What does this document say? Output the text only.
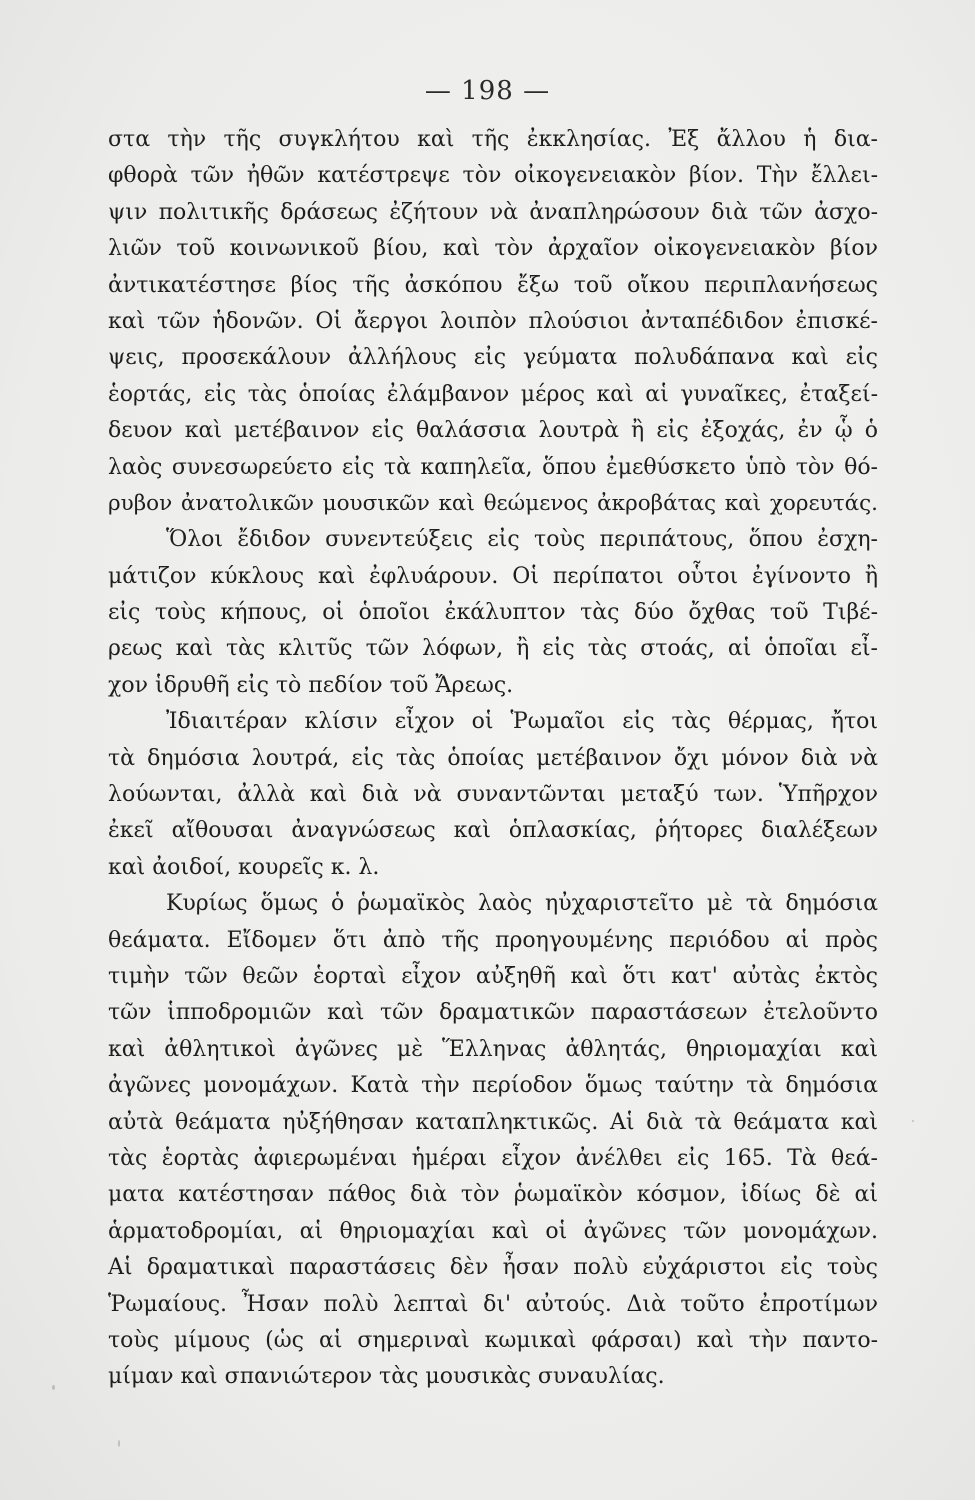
— 198 —
στα τὴν τῆς συγκλήτου καὶ τῆς ἐκκλησίας. Ἐξ ἄλλου ἡ δια-
φθορὰ τῶν ἠθῶν κατέστρεψε τὸν οἰκογενειακὸν βίον. Τὴν ἔλλει-
ψιν πολιτικῆς δράσεως ἐζήτουν νὰ ἀναπληρώσουν διὰ τῶν ἀσχο-
λιῶν τοῦ κοινωνικοῦ βίου, καὶ τὸν ἀρχαῖον οἰκογενειακὸν βίον
ἀντικατέστησε βίος τῆς ἀσκόπου ἔξω τοῦ οἴκου περιπλανήσεως
καὶ τῶν ἡδονῶν. Οἱ ἄεργοι λοιπὸν πλούσιοι ἀνταπέδιδον ἐπισκέ-
ψεις, προσεκάλουν ἀλλήλους εἰς γεύματα πολυδάπανα καὶ εἰς
ἑορτάς, εἰς τὰς ὁποίας ἐλάμβανον μέρος καὶ αἱ γυναῖκες, ἐταξεί-
δευον καὶ μετέβαινον εἰς θαλάσσια λουτρὰ ἢ εἰς ἐξοχάς, ἐν ᾧ ὁ
λαὸς συνεσωρεύετο εἰς τὰ καπηλεῖα, ὅπου ἐμεθύσκετο ὑπὸ τὸν θό-
ρυβον ἀνατολικῶν μουσικῶν καὶ θεώμενος ἀκροβάτας καὶ χορευτάς.
Ὅλοι ἔδιδον συνεντεύξεις εἰς τοὺς περιπάτους, ὅπου ἐσχη-
μάτιζον κύκλους καὶ ἐφλυάρουν. Οἱ περίπατοι οὗτοι ἐγίνοντο ἢ
εἰς τοὺς κήπους, οἱ ὁποῖοι ἐκάλυπτον τὰς δύο ὄχθας τοῦ Τιβέ-
ρεως καὶ τὰς κλιτῦς τῶν λόφων, ἢ εἰς τὰς στοάς, αἱ ὁποῖαι εἶ-
χον ἱδρυθῆ εἰς τὸ πεδίον τοῦ Ἄρεως.
Ἰδιαιτέραν κλίσιν εἶχον οἱ Ῥωμαῖοι εἰς τὰς θέρμας, ἤτοι
τὰ δημόσια λουτρά, εἰς τὰς ὁποίας μετέβαινον ὄχι μόνον διὰ νὰ
λούωνται, ἀλλὰ καὶ διὰ νὰ συναντῶνται μεταξύ των. Ὑπῆρχον
ἐκεῖ αἴθουσαι ἀναγνώσεως καὶ ὁπλασκίας, ῥήτορες διαλέξεων
καὶ ἀοιδοί, κουρεῖς κ. λ.
Κυρίως ὅμως ὁ ῥωμαϊκὸς λαὸς ηὐχαριστεῖτο μὲ τὰ δημόσια
θεάματα. Εἴδομεν ὅτι ἀπὸ τῆς προηγουμένης περιόδου αἱ πρὸς
τιμὴν τῶν θεῶν ἑορταὶ εἶχον αὐξηθῆ καὶ ὅτι κατ' αὐτὰς ἐκτὸς
τῶν ἱπποδρομιῶν καὶ τῶν δραματικῶν παραστάσεων ἐτελοῦντο
καὶ ἀθλητικοὶ ἀγῶνες μὲ Ἕλληνας ἀθλητάς, θηριομαχίαι καὶ
ἀγῶνες μονομάχων. Κατὰ τὴν περίοδον ὅμως ταύτην τὰ δημόσια
αὐτὰ θεάματα ηὐξήθησαν καταπληκτικῶς. Αἱ διὰ τὰ θεάματα καὶ
τὰς ἑορτὰς ἀφιερωμέναι ἡμέραι εἶχον ἀνέλθει εἰς 165. Τὰ θεά-
ματα κατέστησαν πάθος διὰ τὸν ῥωμαϊκὸν κόσμον, ἰδίως δὲ αἱ
ἁρματοδρομίαι, αἱ θηριομαχίαι καὶ οἱ ἀγῶνες τῶν μονομάχων.
Αἱ δραματικαὶ παραστάσεις δὲν ἦσαν πολὺ εὐχάριστοι εἰς τοὺς
Ῥωμαίους. Ἦσαν πολὺ λεπταὶ δι' αὐτούς. Διὰ τοῦτο ἐπροτίμων
τοὺς μίμους (ὡς αἱ σημεριναὶ κωμικαὶ φάρσαι) καὶ τὴν παντο-
μίμαν καὶ σπανιώτερον τὰς μουσικὰς συναυλίας.
